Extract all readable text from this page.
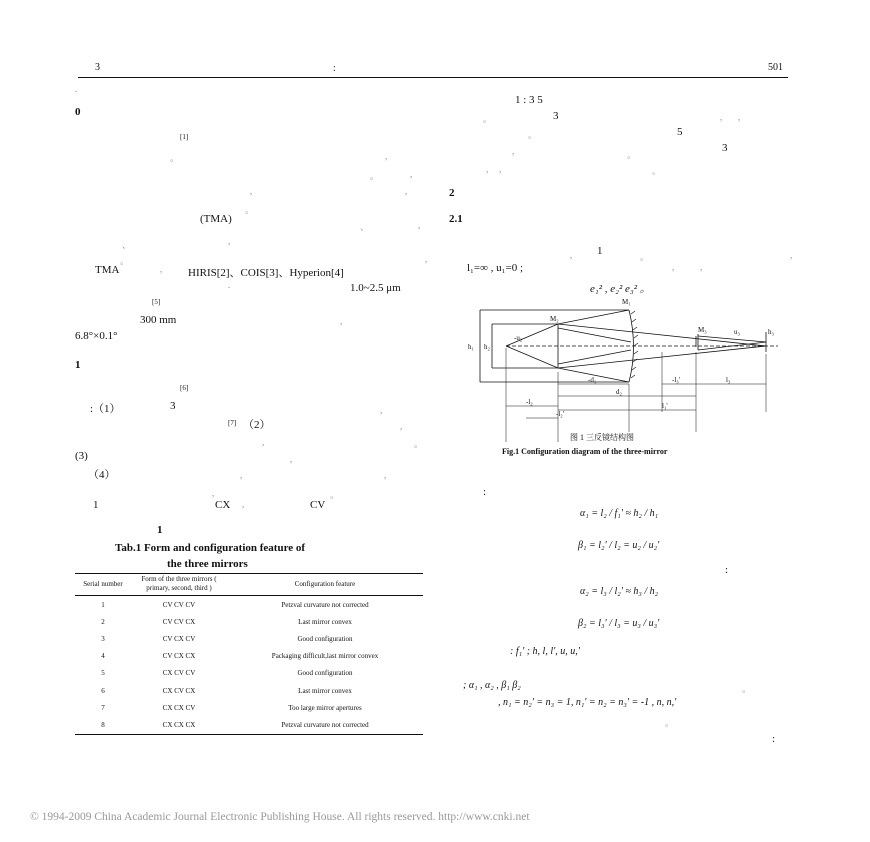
3	:	501
.
0
[1]
。	,
。	,
,	,
。
(TMA)
、	,
、	,
。	,
TMA	, HIRIS[2]、COIS[3]、Hyperion[4]
.	1.0~2.5 μm
[5]
300 mm	,
6.8°×0.1°
1
[6]
:（1）	3	,
[7] （2）	,
,	。
(3)	,
（4）	,	,
,	。
1	CX ,	CV
1
Tab.1 Form and configuration feature of
the three mirrors
Serial number	Form of the three mirrors ( primary, second, third )	Configuration feature
1	CV CV CV	Petzval curvature not corrected
2	CV CV CX	Last mirror convex
3	CV CX CV	Good configuration
4	CV CX CX	Packaging difficult,last mirror convex
5	CX CV CV	Good configuration
6	CX CV CX	Last mirror convex
7	CX CX CV	Too large mirror apertures
8	CX CX CX	Petzval curvature not corrected
1 : 3 5
。	3	, ,
。	5
,	。
3
, ,	。
2
2.1
, 1	。	,
l₁=∞ , u₁=0 ;	,	,
e₁² , e₂² e₃² 。
M₁
M₂
M₃
h₁ h₂
-u₂
u₃	h₃
-d₁
d₂
-l₃'	l₃
-l₂
-l₂'
l₁'
图 1 三反镜结构图
Fig.1 Configuration diagram of the three-mirror
:
α₁ = l₂ / f₁' ≈ h₂ / h₁
β₁ = l₂' / l₂ = u₂ / u₂'
:
α₂ = l₃ / l₂' ≈ h₃ / h₂
β₂ = l₃' / l₃ = u₃ / u₃'
: f₁' ; h, l, l', u, u,'
; α₁ , α₂ , β₁ β₂	。
, n₁ = n₂' = n₃ = 1, n₁' = n₂ = n₃' = -1 , n, n,'
。
:
© 1994-2009 China Academic Journal Electronic Publishing House. All rights reserved. http://www.cnki.net
